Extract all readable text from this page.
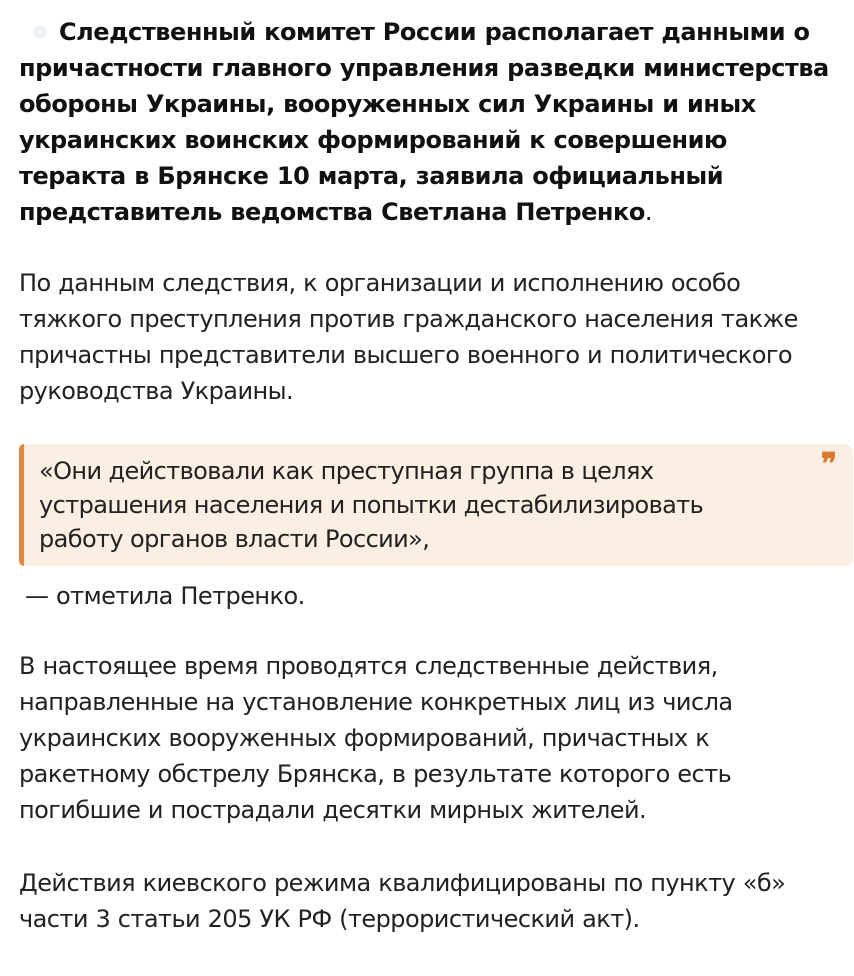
Следственный комитет России располагает данными о причастности главного управления разведки министерства обороны Украины, вооруженных сил Украины и иных украинских воинских формирований к совершению теракта в Брянске 10 марта, заявила официальный представитель ведомства Светлана Петренко.

По данным следствия, к организации и исполнению особо тяжкого преступления против гражданского населения также причастны представители высшего военного и политического руководства Украины.

«Они действовали как преступная группа в целях устрашения населения и попытки дестабилизировать работу органов власти России»,

❞

— отметила Петренко.

В настоящее время проводятся следственные действия, направленные на установление конкретных лиц из числа украинских вооруженных формирований, причастных к ракетному обстрелу Брянска, в результате которого есть погибшие и пострадали десятки мирных жителей.

Действия киевского режима квалифицированы по пункту «б» части 3 статьи 205 УК РФ (террористический акт).
